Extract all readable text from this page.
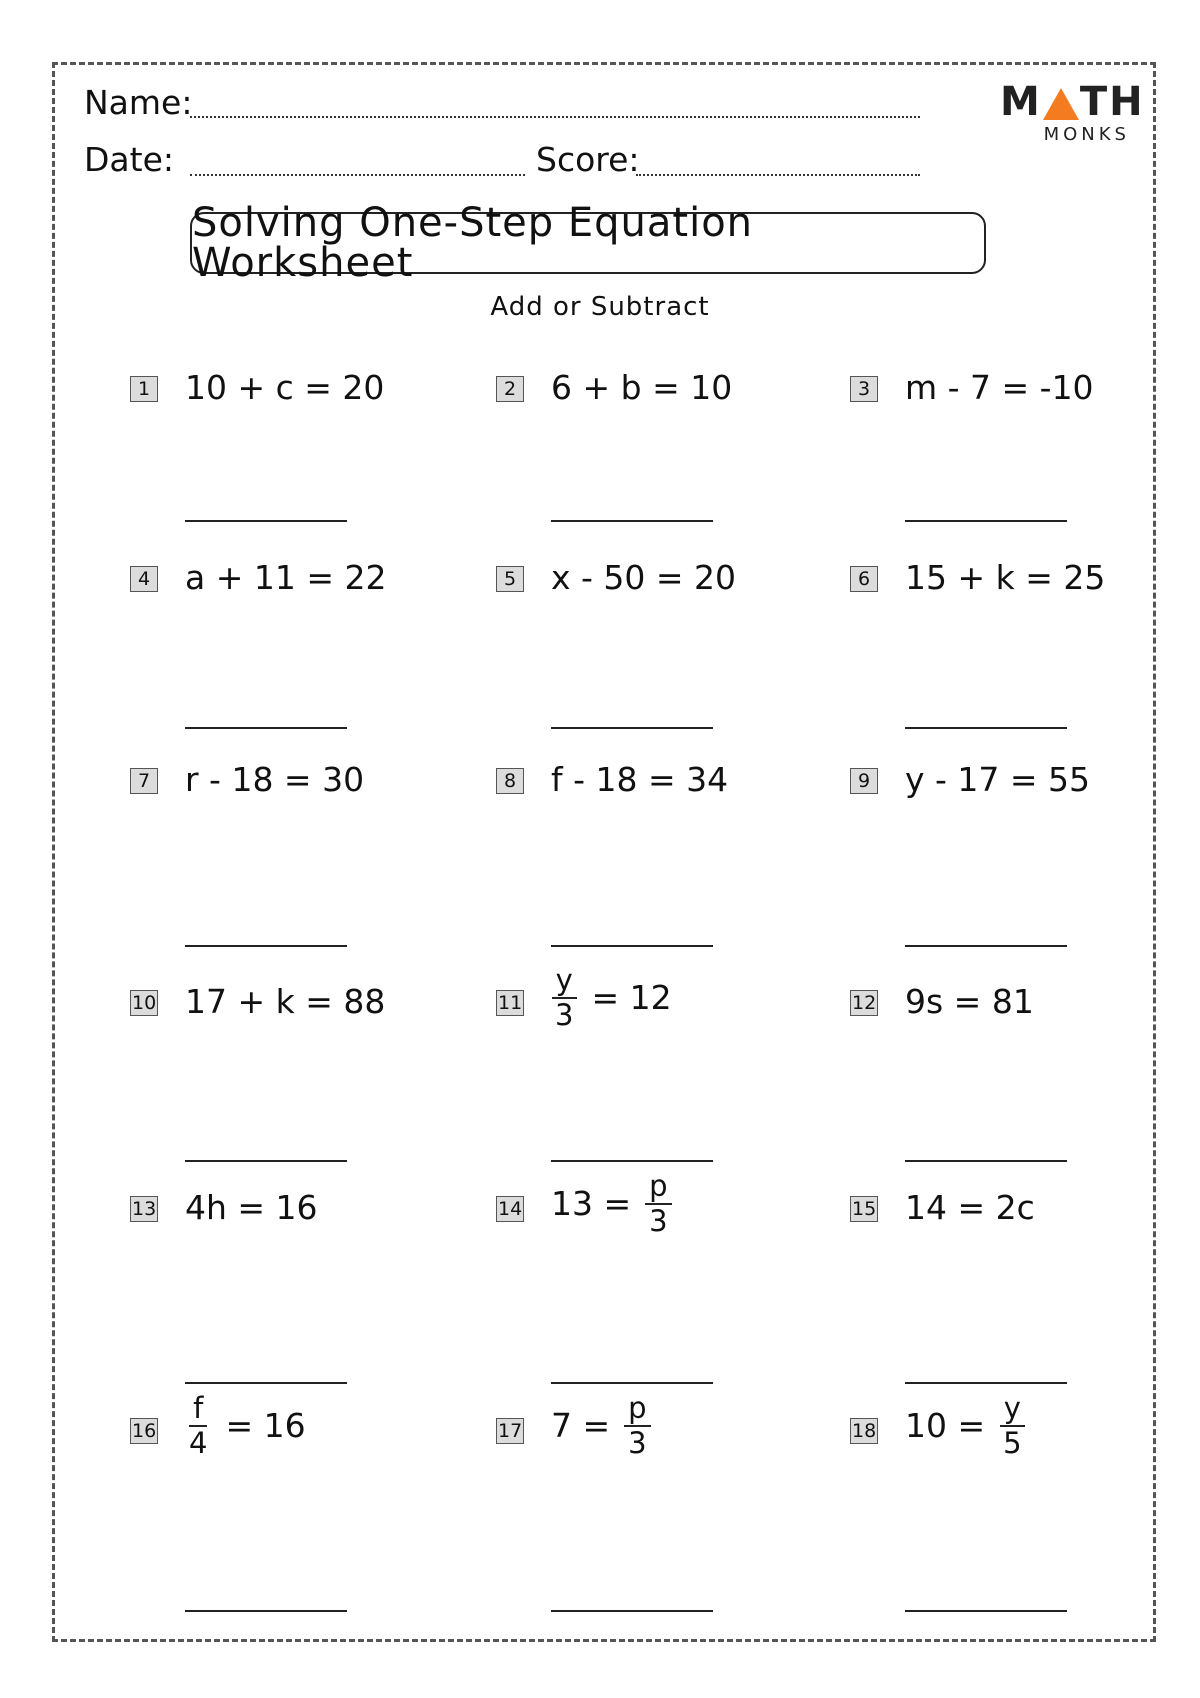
Name:
Date:	Score:
M TH
MONKS
Solving One-Step Equation Worksheet
Add or Subtract
1 10 + c = 20	2 6 + b = 10	3 m - 7 = -10
4 a + 11 = 22	5 x - 50 = 20	6 15 + k = 25
7 r - 18 = 30	8 f - 18 = 34	9 y - 17 = 55
10 17 + k = 88	$11 \frac{y}{3} = 12$	12 9s = 81
13 4h = 16	14 $13 = \frac{p}{3}$	15 14 = 2c
$16 \frac{f}{4} = 16$	17 $7 = \frac{p}{3}$	18 $10 = \frac{y}{5}$
